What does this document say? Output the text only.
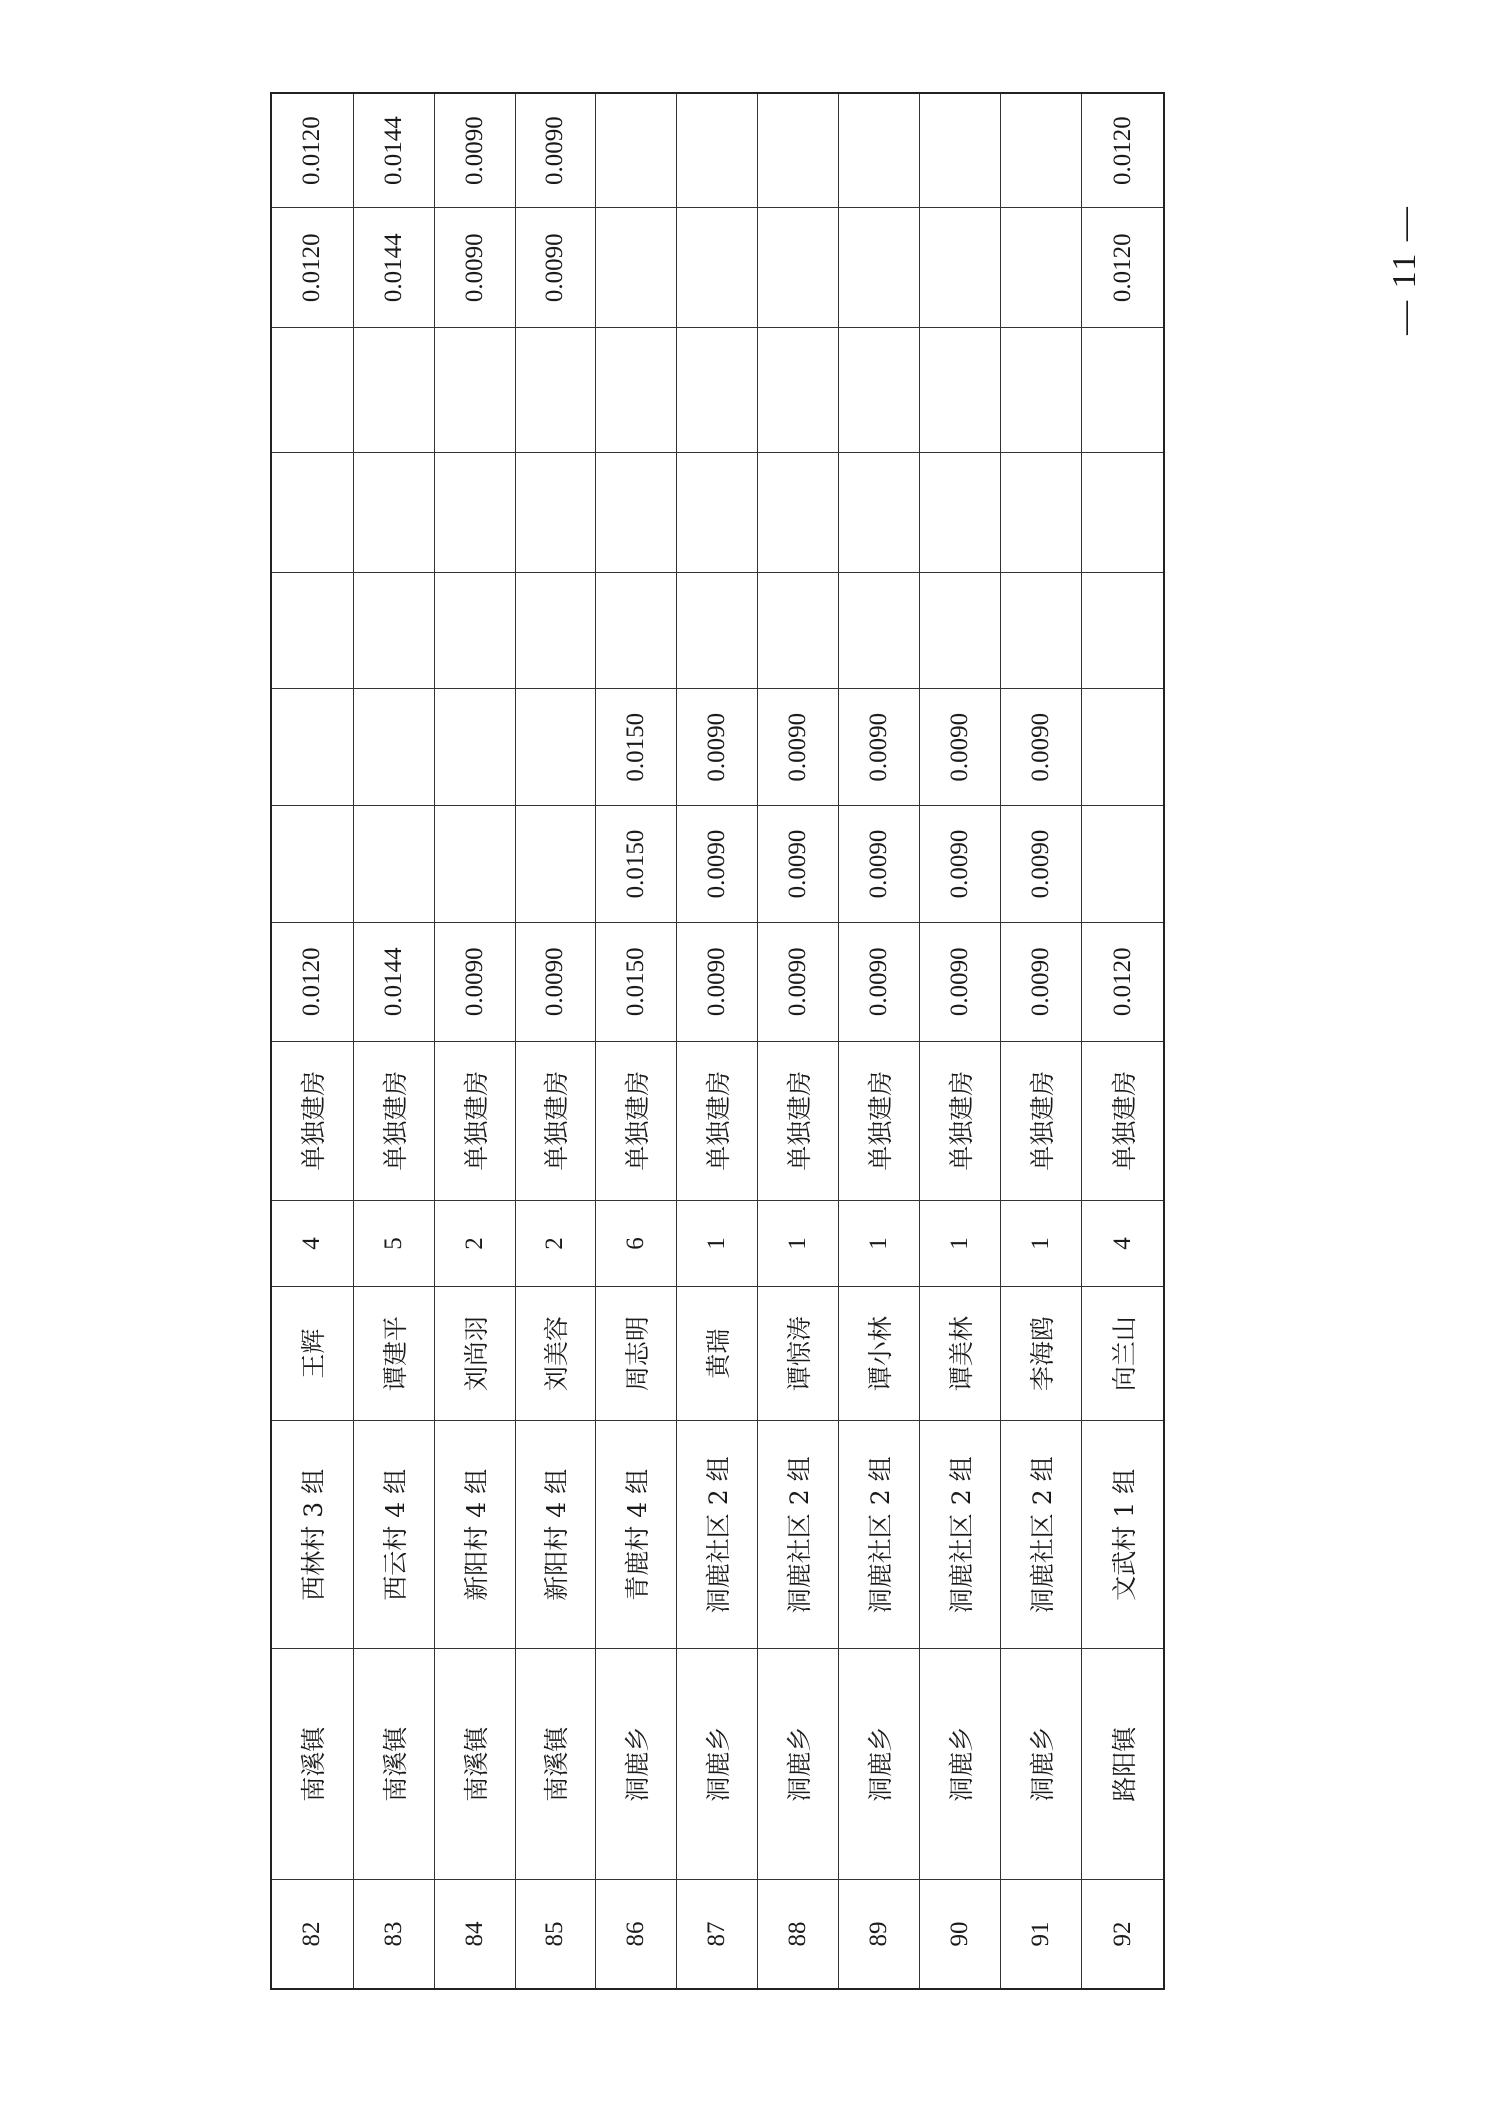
82	南溪镇	西林村 3 组	王辉	4	单独建房	0.0120						0.0120	0.0120
83	南溪镇	西云村 4 组	谭建平	5	单独建房	0.0144						0.0144	0.0144
84	南溪镇	新阳村 4 组	刘尚羽	2	单独建房	0.0090						0.0090	0.0090
85	南溪镇	新阳村 4 组	刘美容	2	单独建房	0.0090						0.0090	0.0090
86	洞鹿乡	青鹿村 4 组	周志明	6	单独建房	0.0150	0.0150	0.0150					
87	洞鹿乡	洞鹿社区 2 组	黄瑞	1	单独建房	0.0090	0.0090	0.0090					
88	洞鹿乡	洞鹿社区 2 组	谭惊涛	1	单独建房	0.0090	0.0090	0.0090					
89	洞鹿乡	洞鹿社区 2 组	谭小林	1	单独建房	0.0090	0.0090	0.0090					
90	洞鹿乡	洞鹿社区 2 组	谭美林	1	单独建房	0.0090	0.0090	0.0090					
91	洞鹿乡	洞鹿社区 2 组	李海鸥	1	单独建房	0.0090	0.0090	0.0090					
92	路阳镇	文武村 1 组	向兰山	4	单独建房	0.0120						0.0120	0.0120
— 11 —
